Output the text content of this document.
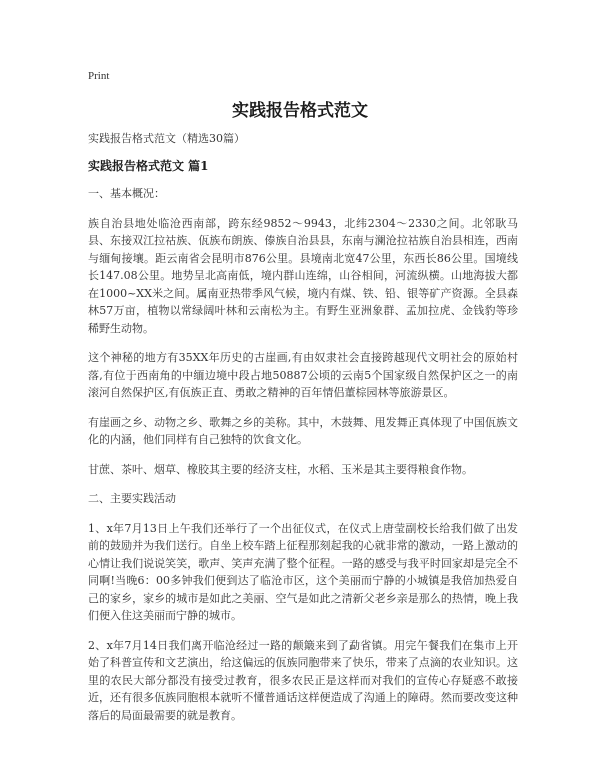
Print
实践报告格式范文

实践报告格式范文（精选30篇）

实践报告格式范文 篇1

一、基本概况：

族自治县地处临沧西南部，跨东经9852～9943，北纬2304～2330之间。北邻耿马县、东接双江拉祜族、佤族布朗族、傣族自治县县，东南与澜沧拉祜族自治县相连，西南与缅甸接壤。距云南省会昆明市876公里。县境南北宽47公里，东西长86公里。国境线长147.08公里。地势呈北高南低，境内群山连绵，山谷相间，河流纵横。山地海拔大都在1000~XX米之间。属南亚热带季风气候，境内有煤、铁、铅、银等矿产资源。全县森林57万亩，植物以常绿阔叶林和云南松为主。有野生亚洲象群、孟加拉虎、金钱豹等珍稀野生动物。

这个神秘的地方有35XX年历史的古崖画,有由奴隶社会直接跨越现代文明社会的原始村落,有位于西南角的中缅边境中段占地50887公顷的云南5个国家级自然保护区之一的南滚河自然保护区,有佤族正直、勇敢之精神的百年情侣董棕园林等旅游景区。

有崖画之乡、动物之乡、歌舞之乡的美称。其中，木鼓舞、甩发舞正真体现了中国佤族文化的内涵，他们同样有自己独特的饮食文化。

甘蔗、茶叶、烟草、橡胶其主要的经济支柱，水稻、玉米是其主要得粮食作物。

二、主要实践活动

1、x年7月13日上午我们还举行了一个出征仪式，在仪式上唐莹副校长给我们做了出发前的鼓励并为我们送行。自坐上校车踏上征程那刻起我的心就非常的激动，一路上激动的心情让我们说说笑笑，歌声、笑声充满了整个征程。一路的感受与我平时回家却是完全不同啊!当晚6：00多钟我们便到达了临沧市区，这个美丽而宁静的小城镇是我倍加热爱自己的家乡，家乡的城市是如此之美丽、空气是如此之清新父老乡亲是那么的热情，晚上我们便入住这美丽而宁静的城市。

2、x年7月14日我们离开临沧经过一路的颠簸来到了勐省镇。用完午餐我们在集市上开始了科普宣传和文艺演出，给这偏远的佤族同胞带来了快乐，带来了点滴的农业知识。这里的农民大部分都没有接受过教育，很多农民正是这样而对我们的宣传心存疑惑不敢接近，还有很多佤族同胞根本就听不懂普通话这样便造成了沟通上的障碍。然而要改变这种落后的局面最需要的就是教育。
